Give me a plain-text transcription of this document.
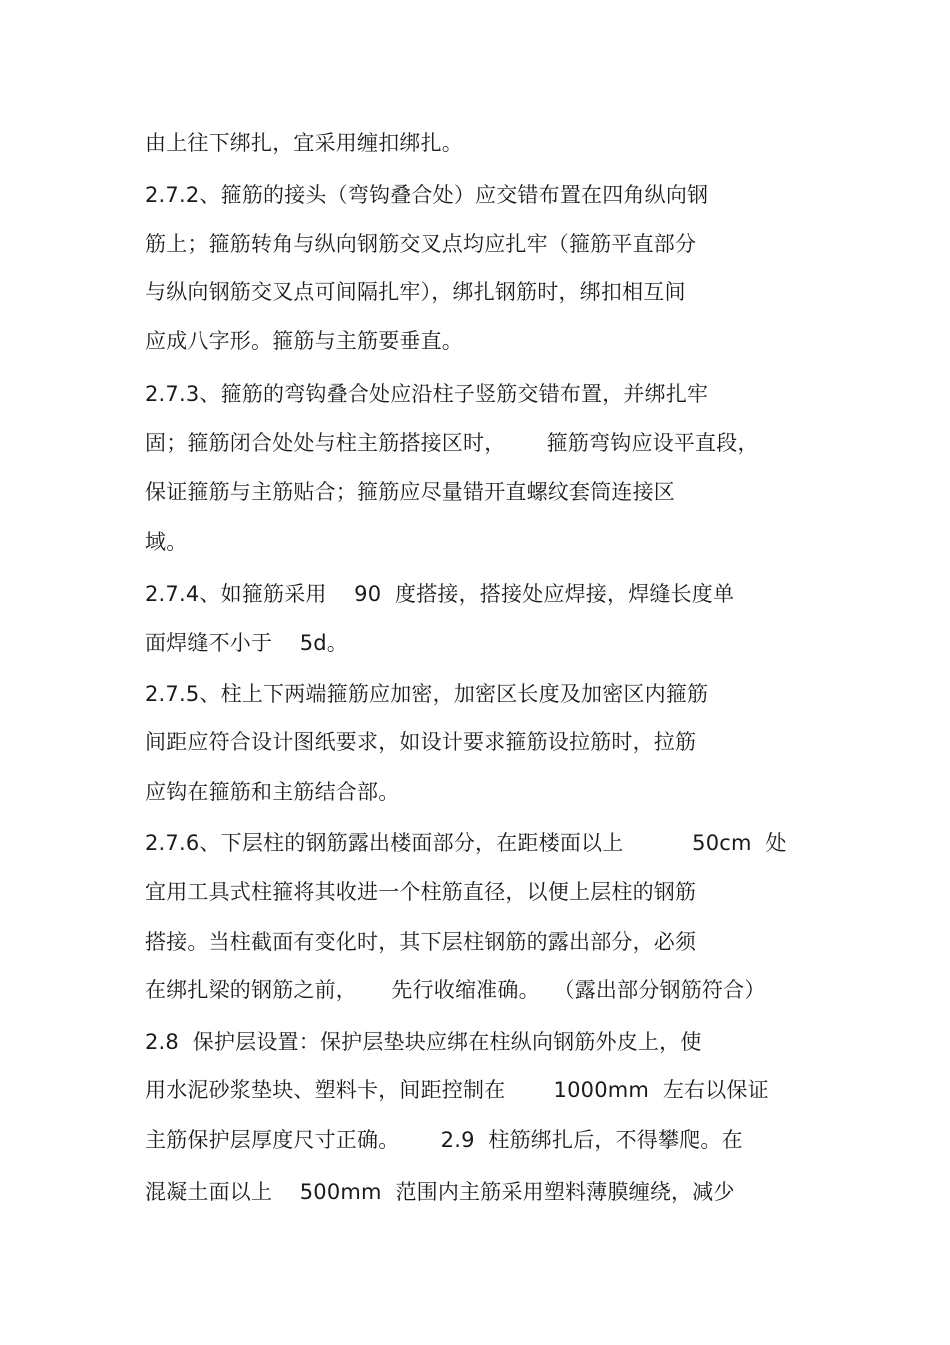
由上往下绑扎，宜采用缠扣绑扎。
2.7.2、箍筋的接头（弯钩叠合处）应交错布置在四角纵向钢
筋上；箍筋转角与纵向钢筋交叉点均应扎牢（箍筋平直部分
与纵向钢筋交叉点可间隔扎牢），绑扎钢筋时，绑扣相互间
应成八字形。箍筋与主筋要垂直。
2.7.3、箍筋的弯钩叠合处应沿柱子竖筋交错布置，并绑扎牢
固；箍筋闭合处处与柱主筋搭接区时，      箍筋弯钩应设平直段，
保证箍筋与主筋贴合；箍筋应尽量错开直螺纹套筒连接区
域。
2.7.4、如箍筋采用    90  度搭接，搭接处应焊接，焊缝长度单
面焊缝不小于    5d。
2.7.5、柱上下两端箍筋应加密，加密区长度及加密区内箍筋
间距应符合设计图纸要求，如设计要求箍筋设拉筋时，拉筋
应钩在箍筋和主筋结合部。
2.7.6、下层柱的钢筋露出楼面部分，在距楼面以上          50cm  处
宜用工具式柱箍将其收进一个柱筋直径，以便上层柱的钢筋
搭接。当柱截面有变化时，其下层柱钢筋的露出部分，必须
在绑扎梁的钢筋之前，     先行收缩准确。  （露出部分钢筋符合）
2.8  保护层设置：保护层垫块应绑在柱纵向钢筋外皮上，使
用水泥砂浆垫块、塑料卡，间距控制在       1000mm  左右以保证
主筋保护层厚度尺寸正确。      2.9  柱筋绑扎后，不得攀爬。在
混凝土面以上    500mm  范围内主筋采用塑料薄膜缠绕，减少
